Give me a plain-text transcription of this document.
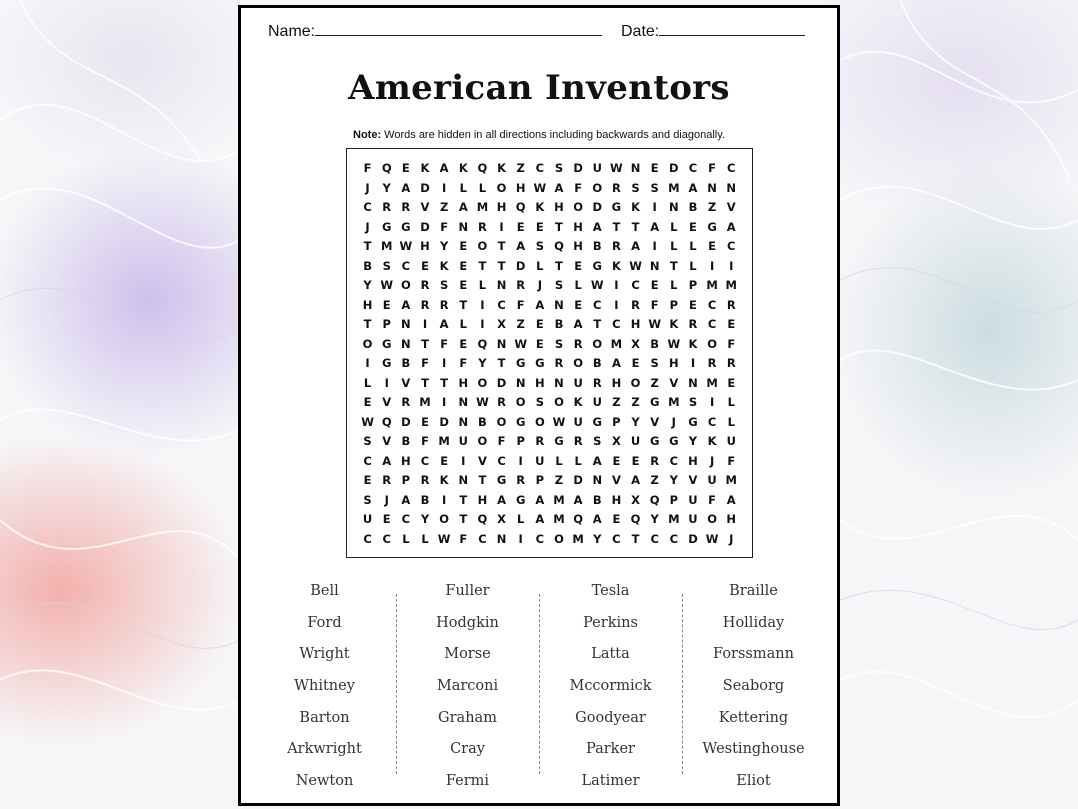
Name:	Date:
American Inventors
Note: Words are hidden in all directions including backwards and diagonally.
F Q E K A K Q K Z C S D U W N E D C F C
J	Y A D	I	L	L O H W A F O R S S M A N N
C R R V Z A M H Q K H O D G K	I	N B Z V
J	G G D F N R	I	E E T H A T T A L	E G A
T M W H Y E O T A S Q H B R A	I	L	L	E C
B S C E K E T T D L	T E G K W N T	L	I	I
Y W O R S E	L N R	J	S L W I	C E	L P M M
H E A R R T	I	C F A N E C	I	R F P E C R
T P N	I	A L	I	X Z E B A T C H W K R C E
O G N T F E Q N W E S R O M X B W K O F
I	G B F	I	F Y T G G R O B A E S H	I	R R
L	I	V T T H O D N H N U R H O Z V N M E
E V R M I	N W R O S O K U Z Z G M S	I	L
W Q D E D N B O G O W U G P Y V	J	G C L
S V B F M U O F P R G R S X U G G Y K U
C A H C E	I	V C	I	U L	L A E E R C H	J	F
E R P R K N T G R P Z D N V A Z Y V U M
S	J	A B	I	T H A G A M A B H X Q P U F A
U E C Y O T Q X L A M Q A E Q Y M U O H
C C L	L W F C N	I	C O M Y C T C C D W J
Bell
Ford
Wright
Whitney
Barton
Arkwright
Newton
Fuller
Hodgkin
Morse
Marconi
Graham
Cray
Fermi
Tesla
Perkins
Latta
Mccormick
Goodyear
Parker
Latimer
Braille
Holliday
Forssmann
Seaborg
Kettering
Westinghouse
Eliot
